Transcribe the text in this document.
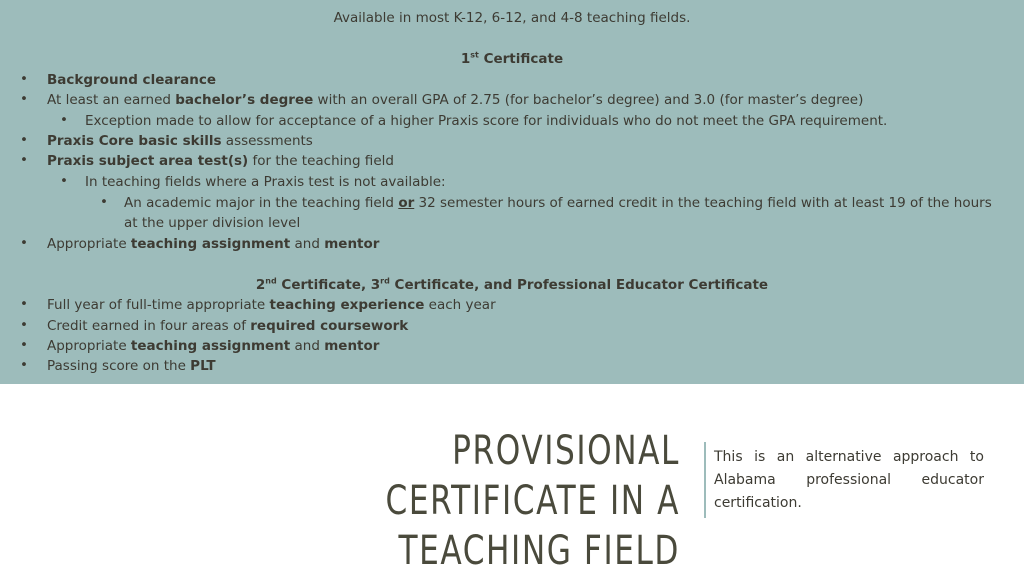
Available in most K-12, 6-12, and 4-8 teaching fields.
1st Certificate
• Background clearance
• At least an earned bachelor’s degree with an overall GPA of 2.75 (for bachelor’s degree) and 3.0 (for master’s degree)
• Exception made to allow for acceptance of a higher Praxis score for individuals who do not meet the GPA requirement.
• Praxis Core basic skills assessments
• Praxis subject area test(s) for the teaching field
• In teaching fields where a Praxis test is not available:
• An academic major in the teaching field or 32 semester hours of earned credit in the teaching field with at least 19 of the hours
at the upper division level
• Appropriate teaching assignment and mentor
2nd Certificate, 3rd Certificate, and Professional Educator Certificate
• Full year of full-time appropriate teaching experience each year
• Credit earned in four areas of required coursework
• Appropriate teaching assignment and mentor
• Passing score on the PLT
PROVISIONAL CERTIFICATE IN A
TEACHING FIELD
This is an alternative approach to Alabama professional educator certification.
